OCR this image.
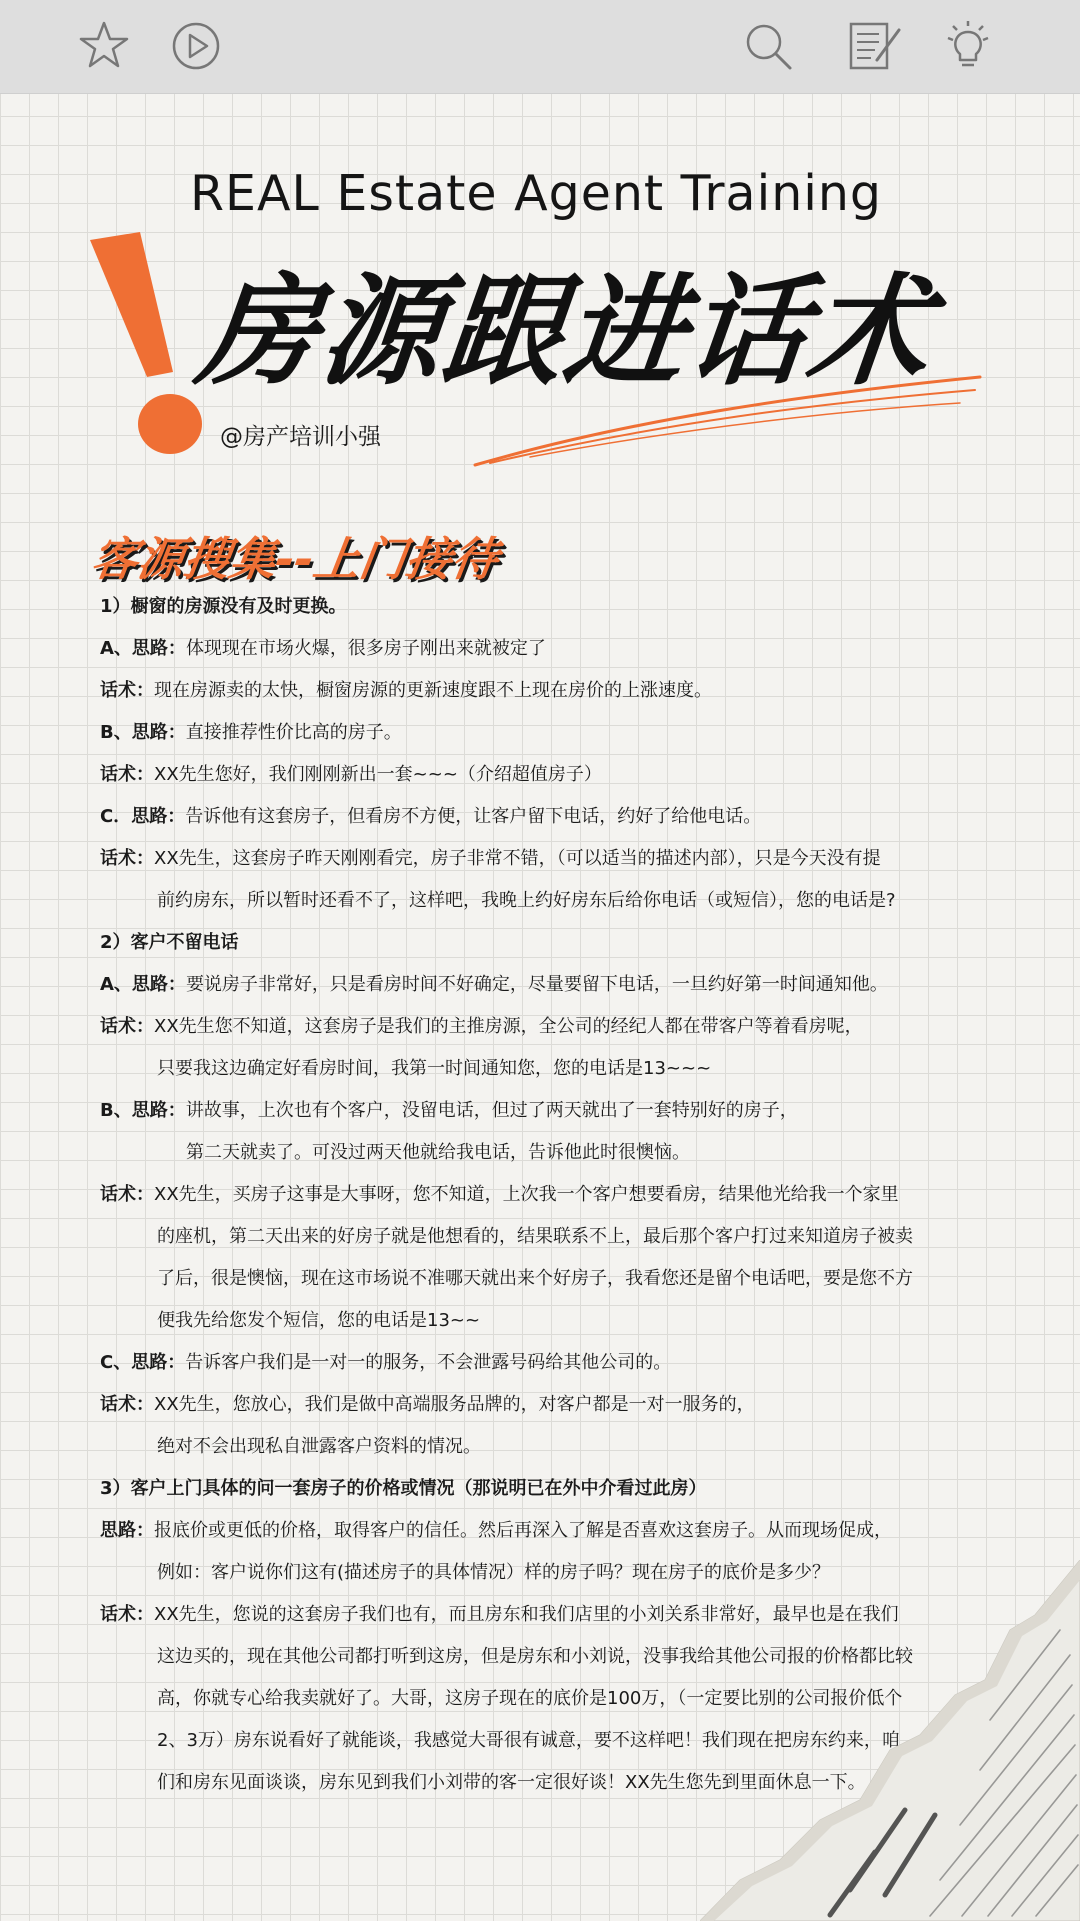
REAL Estate Agent Training
房源跟进话术
@房产培训小强
客源搜集--上门接待
1）橱窗的房源没有及时更换。
A、思路：体现现在市场火爆，很多房子刚出来就被定了
话术：现在房源卖的太快，橱窗房源的更新速度跟不上现在房价的上涨速度。
B、思路：直接推荐性价比高的房子。
话术：XX先生您好，我们刚刚新出一套~~~（介绍超值房子）
C．思路：告诉他有这套房子，但看房不方便，让客户留下电话，约好了给他电话。
话术：XX先生，这套房子昨天刚刚看完，房子非常不错，（可以适当的描述内部），只是今天没有提
前约房东，所以暂时还看不了，这样吧，我晚上约好房东后给你电话（或短信），您的电话是?
2）客户不留电话
A、思路：要说房子非常好，只是看房时间不好确定，尽量要留下电话，一旦约好第一时间通知他。
话术：XX先生您不知道，这套房子是我们的主推房源，全公司的经纪人都在带客户等着看房呢，
只要我这边确定好看房时间，我第一时间通知您，您的电话是13~~~
B、思路：讲故事，上次也有个客户，没留电话，但过了两天就出了一套特别好的房子，
第二天就卖了。可没过两天他就给我电话，告诉他此时很懊恼。
话术：XX先生，买房子这事是大事呀，您不知道，上次我一个客户想要看房，结果他光给我一个家里
的座机，第二天出来的好房子就是他想看的，结果联系不上，最后那个客户打过来知道房子被卖
了后，很是懊恼，现在这市场说不准哪天就出来个好房子，我看您还是留个电话吧，要是您不方
便我先给您发个短信，您的电话是13~~
C、思路：告诉客户我们是一对一的服务，不会泄露号码给其他公司的。
话术：XX先生，您放心，我们是做中高端服务品牌的，对客户都是一对一服务的，
绝对不会出现私自泄露客户资料的情况。
3）客户上门具体的问一套房子的价格或情况（那说明已在外中介看过此房）
思路：报底价或更低的价格，取得客户的信任。然后再深入了解是否喜欢这套房子。从而现场促成，
例如：客户说你们这有(描述房子的具体情况）样的房子吗？现在房子的底价是多少？
话术：XX先生，您说的这套房子我们也有，而且房东和我们店里的小刘关系非常好，最早也是在我们
这边买的，现在其他公司都打听到这房，但是房东和小刘说，没事我给其他公司报的价格都比较
高，你就专心给我卖就好了。大哥，这房子现在的底价是100万，（一定要比别的公司报价低个
2、3万）房东说看好了就能谈，我感觉大哥很有诚意，要不这样吧！我们现在把房东约来，咱
们和房东见面谈谈，房东见到我们小刘带的客一定很好谈！XX先生您先到里面休息一下。
